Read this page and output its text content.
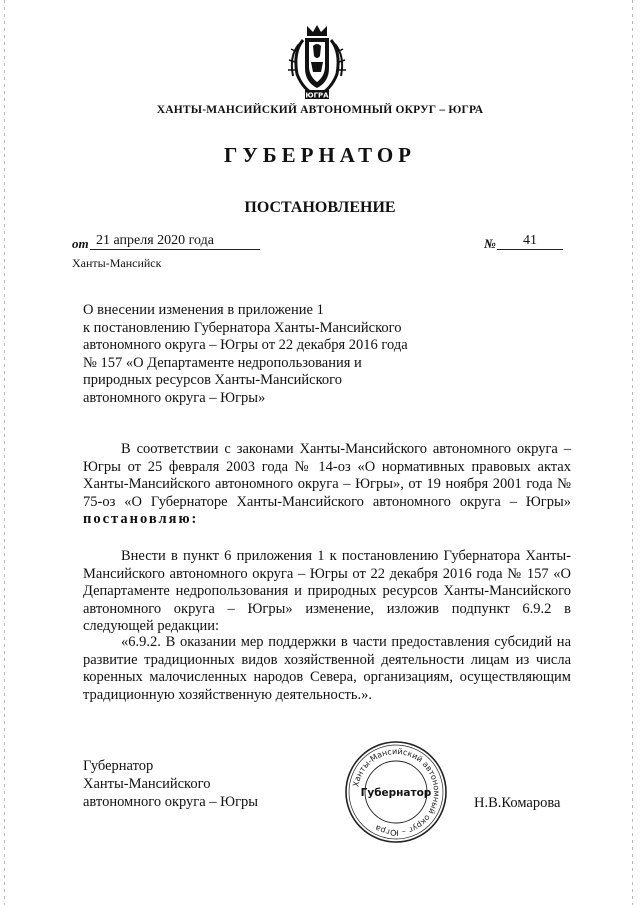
ЮГРА
ХАНТЫ-МАНСИЙСКИЙ АВТОНОМНЫЙ ОКРУГ – ЮГРА
ГУБЕРНАТОР
ПОСТАНОВЛЕНИЕ
от 21 апреля 2020 года	№	41
Ханты-Мансийск
О внесении изменения в приложение 1
к постановлению Губернатора Ханты-Мансийского
автономного округа – Югры от 22 декабря 2016 года
№ 157 «О Департаменте недропользования и
природных ресурсов Ханты-Мансийского
автономного округа – Югры»

В соответствии с законами Ханты-Мансийского автономного округа – Югры от 25 февраля 2003 года № 14-оз «О нормативных правовых актах Ханты-Мансийского автономного округа – Югры», от 19 ноября 2001 года № 75-оз «О Губернаторе Ханты-Мансийского автономного округа – Югры» постановляю:

Внести в пункт 6 приложения 1 к постановлению Губернатора Ханты-Мансийского автономного округа – Югры от 22 декабря 2016 года № 157 «О Департаменте недропользования и природных ресурсов Ханты-Мансийского автономного округа – Югры» изменение, изложив подпункт 6.9.2 в следующей редакции:

«6.9.2. В оказании мер поддержки в части предоставления субсидий на развитие традиционных видов хозяйственной деятельности лицам из числа коренных малочисленных народов Севера, организациям, осуществляющим традиционную хозяйственную деятельность.».

Губернатор
Ханты-Мансийского
автономного округа – Югры
Ханты-Мансийский автономный округ – Югра
Губернатор
Н.В.Комарова
